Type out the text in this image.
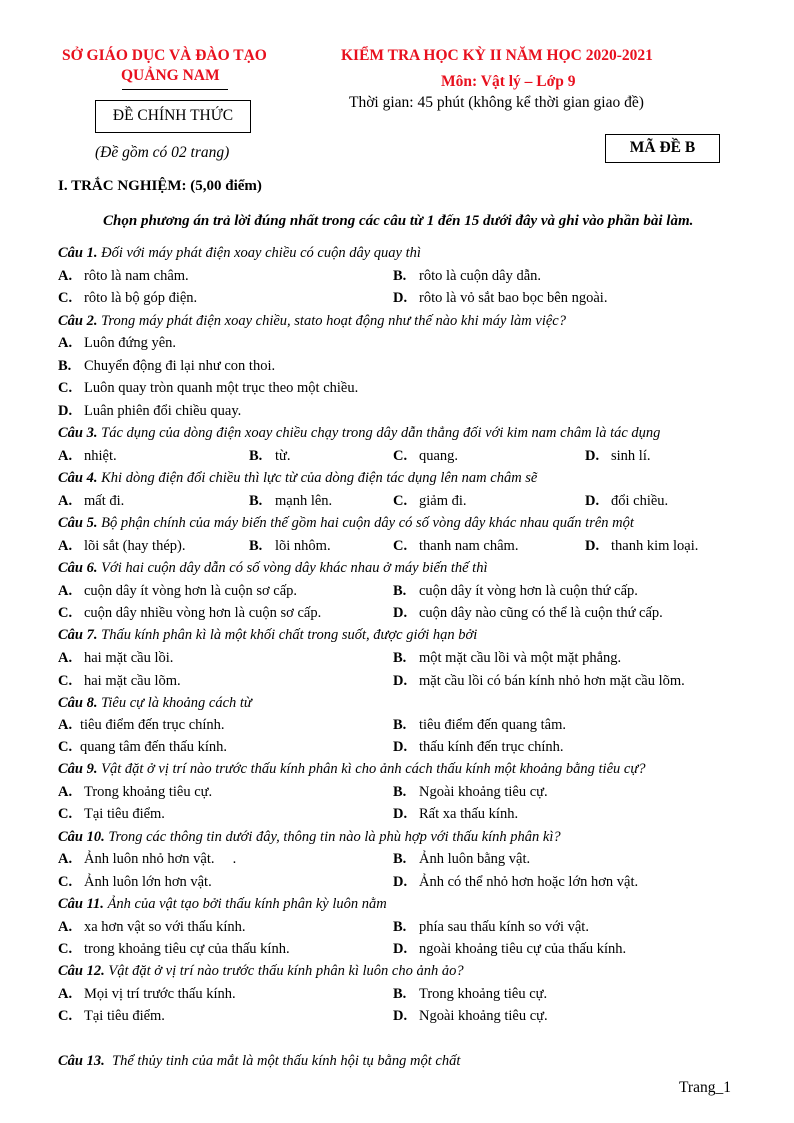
SỞ GIÁO DỤC VÀ ĐÀO TẠO
QUẢNG NAM
ĐỀ CHÍNH THỨC
(Đề gồm có 02 trang)
KIỂM TRA HỌC KỲ II NĂM HỌC 2020-2021
Môn: Vật lý – Lớp 9
Thời gian: 45 phút (không kể thời gian giao đề)
MÃ ĐỀ B
I. TRẮC NGHIỆM: (5,00 điểm)
Chọn phương án trả lời đúng nhất trong các câu từ 1 đến 15 dưới đây và ghi vào phần bài làm.
Câu 1. Đối với máy phát điện xoay chiều có cuộn dây quay thì
A. rôto là nam châm.	B. rôto là cuộn dây dẫn.
C. rôto là bộ góp điện.	D. rôto là vỏ sắt bao bọc bên ngoài.
Câu 2. Trong máy phát điện xoay chiều, stato hoạt động như thế nào khi máy làm việc?
A. Luôn đứng yên.
B. Chuyển động đi lại như con thoi.
C. Luôn quay tròn quanh một trục theo một chiều.
D. Luân phiên đổi chiều quay.
Câu 3. Tác dụng của dòng điện xoay chiều chạy trong dây dẫn thẳng đối với kim nam châm là tác dụng
A. nhiệt.	B. từ.	C. quang.	D. sinh lí.
Câu 4. Khi dòng điện đổi chiều thì lực từ của dòng điện tác dụng lên nam châm sẽ
A. mất đi.	B. mạnh lên.	C. giảm đi.	D. đổi chiều.
Câu 5. Bộ phận chính của máy biến thế gồm hai cuộn dây có số vòng dây khác nhau quấn trên một
A. lõi sắt (hay thép).	B. lõi nhôm.	C. thanh nam châm.	D. thanh kim loại.
Câu 6. Với hai cuộn dây dẫn có số vòng dây khác nhau ở máy biến thế thì
A. cuộn dây ít vòng hơn là cuộn sơ cấp.	B. cuộn dây ít vòng hơn là cuộn thứ cấp.
C. cuộn dây nhiều vòng hơn là cuộn sơ cấp.	D. cuộn dây nào cũng có thể là cuộn thứ cấp.
Câu 7. Thấu kính phân kì là một khối chất trong suốt, được giới hạn bởi
A. hai mặt cầu lồi.	B. một mặt cầu lồi và một mặt phẳng.
C. hai mặt cầu lõm.	D. mặt cầu lồi có bán kính nhỏ hơn mặt cầu lõm.
Câu 8. Tiêu cự là khoảng cách từ
A. tiêu điểm đến trục chính.	B. tiêu điểm đến quang tâm.
C. quang tâm đến thấu kính.	D. thấu kính đến trục chính.
Câu 9. Vật đặt ở vị trí nào trước thấu kính phân kì cho ảnh cách thấu kính một khoảng bằng tiêu cự?
A. Trong khoảng tiêu cự.	B. Ngoài khoảng tiêu cự.
C. Tại tiêu điểm.	D. Rất xa thấu kính.
Câu 10. Trong các thông tin dưới đây, thông tin nào là phù hợp với thấu kính phân kì?
A. Ảnh luôn nhỏ hơn vật.     .	B. Ảnh luôn bằng vật.
C. Ảnh luôn lớn hơn vật.	D. Ảnh có thể nhỏ hơn hoặc lớn hơn vật.
Câu 11. Ảnh của vật tạo bởi thấu kính phân kỳ luôn nằm
A. xa hơn vật so với thấu kính.	B. phía sau thấu kính so với vật.
C. trong khoảng tiêu cự của thấu kính.	D. ngoài khoảng tiêu cự của thấu kính.
Câu 12. Vật đặt ở vị trí nào trước thấu kính phân kì luôn cho ảnh ảo?
A. Mọi vị trí trước thấu kính.	B. Trong khoảng tiêu cự.
C. Tại tiêu điểm.	D. Ngoài khoảng tiêu cự.
Câu 13. Thể thủy tinh của mắt là một thấu kính hội tụ bằng một chất
Trang_1
